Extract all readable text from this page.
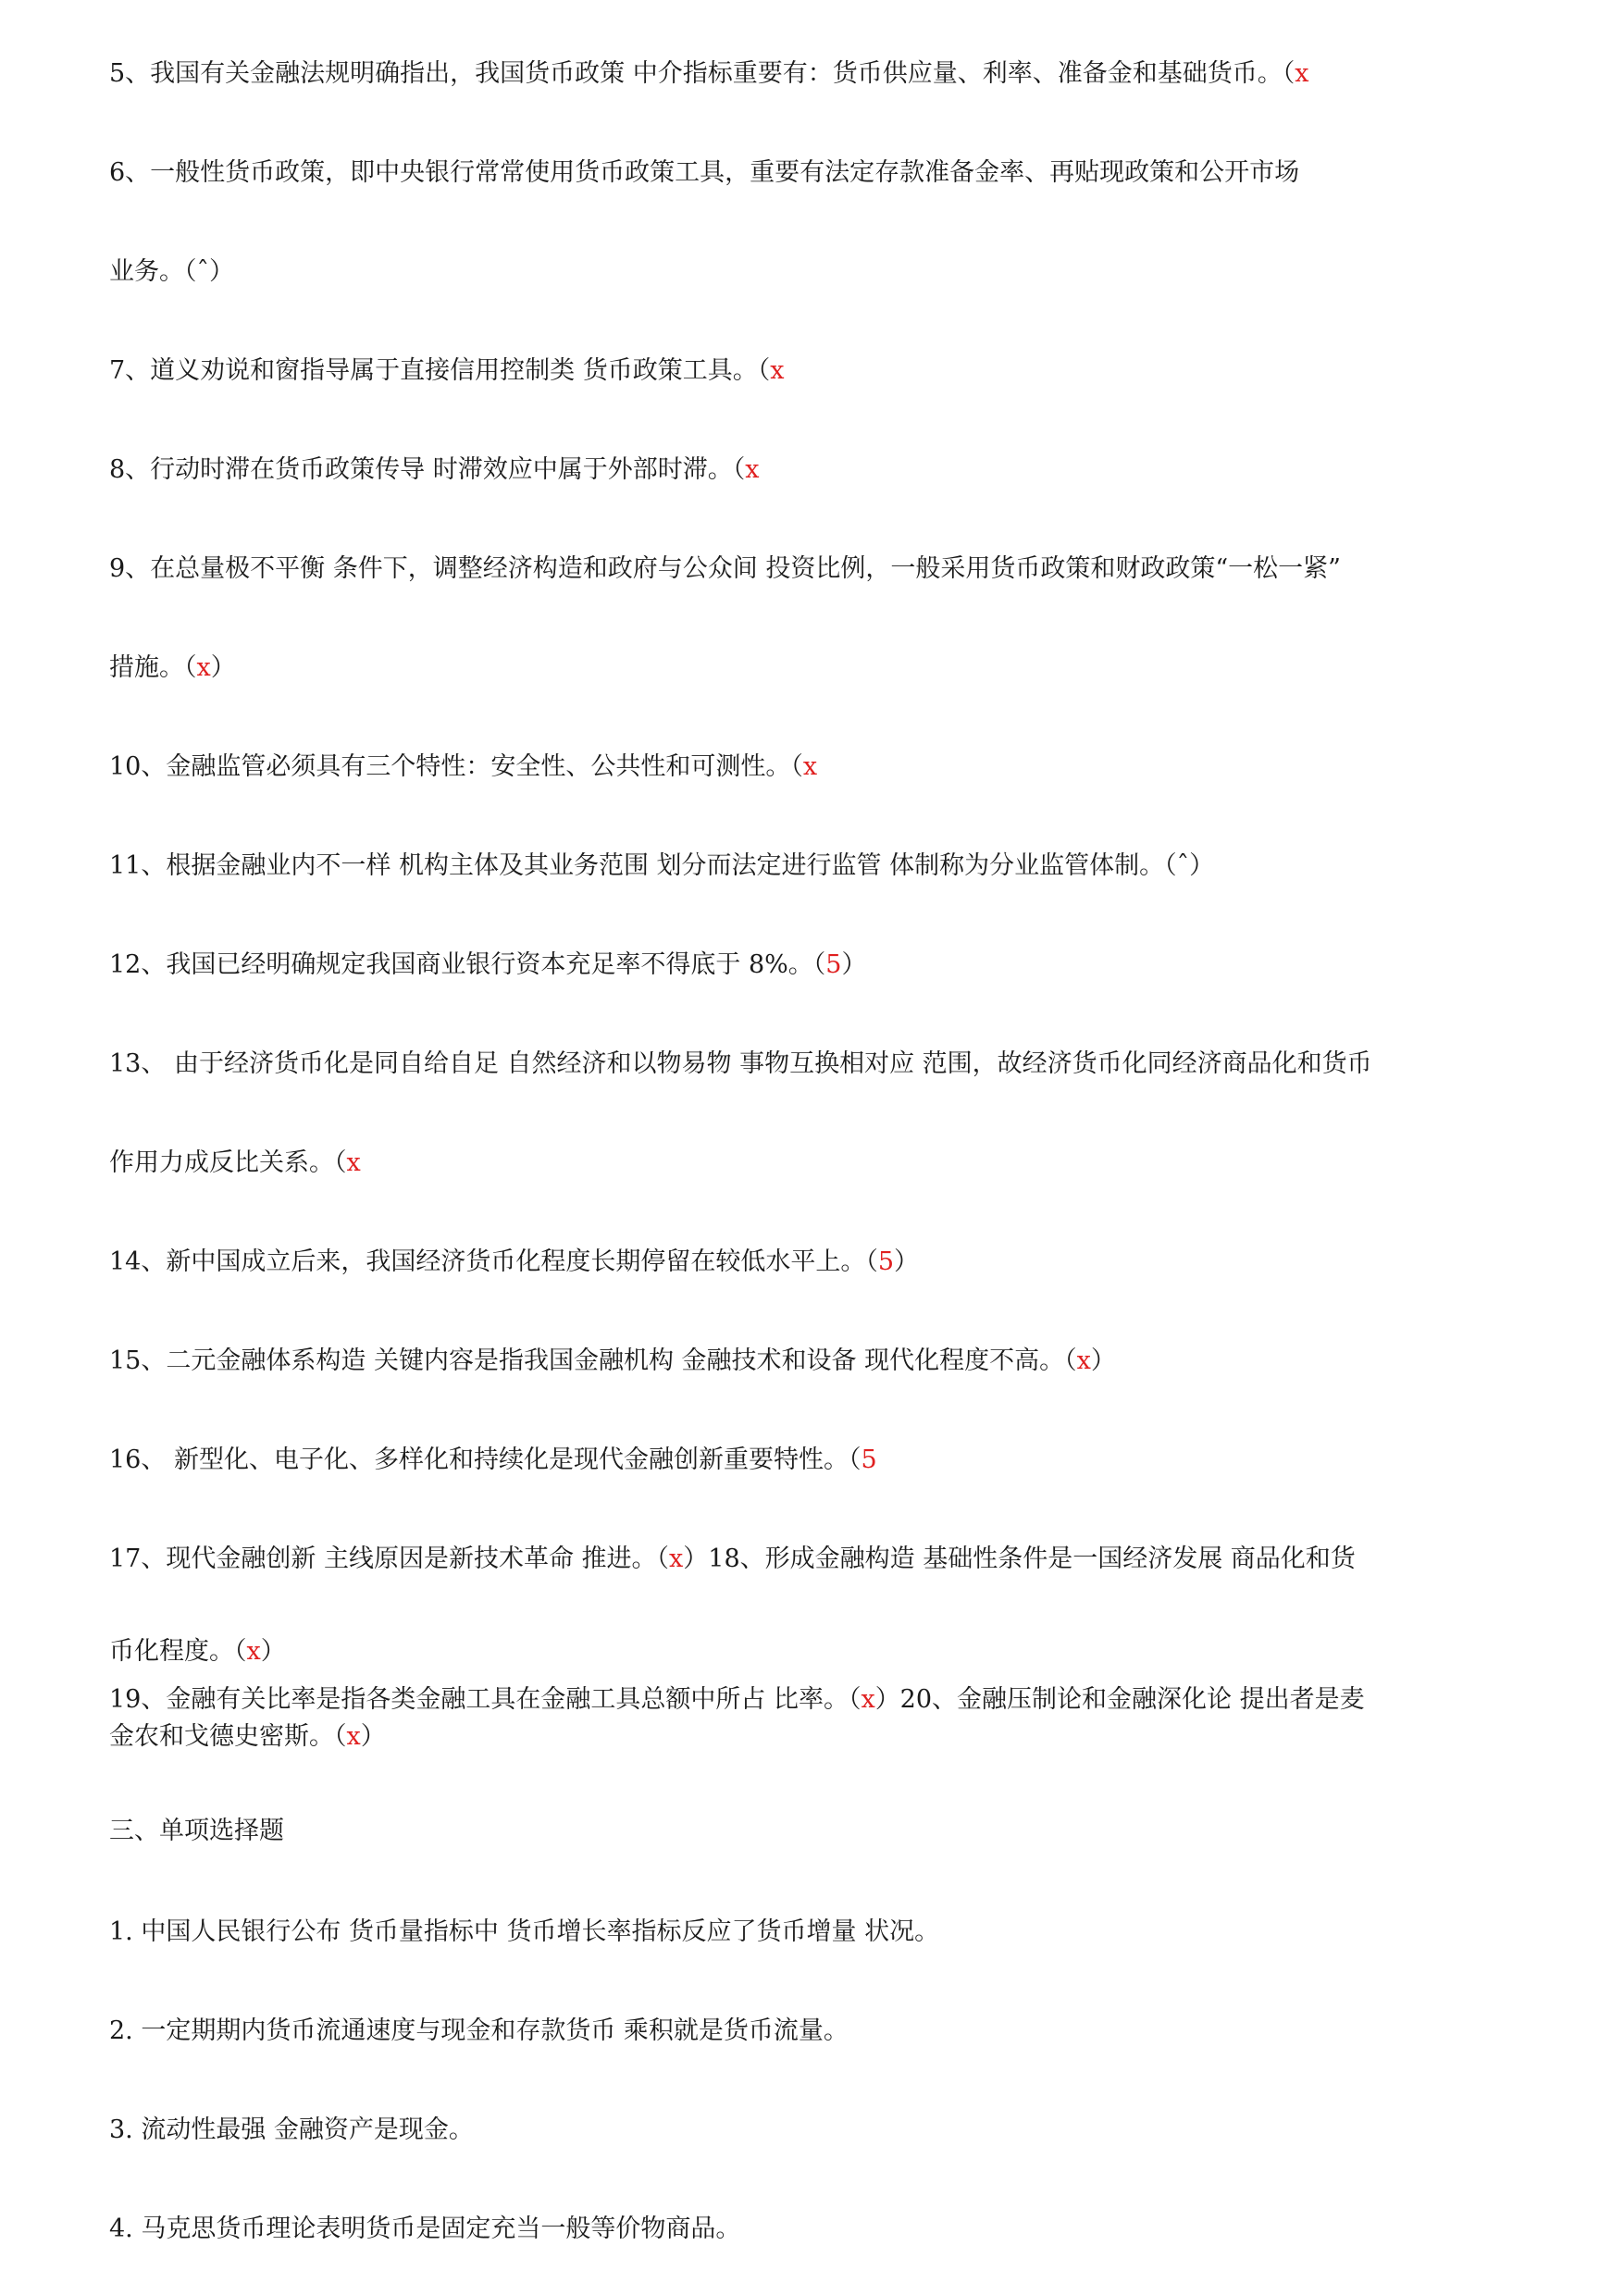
5、我国有关金融法规明确指出，我国货币政策 中介指标重要有：货币供应量、利率、准备金和基础货币。（x
6、一般性货币政策，即中央银行常常使用货币政策工具，重要有法定存款准备金率、再贴现政策和公开市场
业务。（ˆ）
7、道义劝说和窗指导属于直接信用控制类 货币政策工具。（x
8、行动时滞在货币政策传导 时滞效应中属于外部时滞。（x
9、在总量极不平衡 条件下，调整经济构造和政府与公众间 投资比例，一般采用货币政策和财政政策“一松一紧”
措施。（x）
10、金融监管必须具有三个特性：安全性、公共性和可测性。（x
11、根据金融业内不一样 机构主体及其业务范围 划分而法定进行监管 体制称为分业监管体制。（ˆ）
12、我国已经明确规定我国商业银行资本充足率不得底于 8%。（5）
13、 由于经济货币化是同自给自足 自然经济和以物易物 事物互换相对应 范围，故经济货币化同经济商品化和货币
作用力成反比关系。（x
14、新中国成立后来，我国经济货币化程度长期停留在较低水平上。（5）
15、二元金融体系构造 关键内容是指我国金融机构 金融技术和设备 现代化程度不高。（x）
16、 新型化、电子化、多样化和持续化是现代金融创新重要特性。（5
17、现代金融创新 主线原因是新技术革命 推进。（x）18、形成金融构造 基础性条件是一国经济发展 商品化和货
币化程度。（x）
19、金融有关比率是指各类金融工具在金融工具总额中所占 比率。（x）20、金融压制论和金融深化论 提出者是麦
金农和戈德史密斯。（x）
三、单项选择题
1. 中国人民银行公布 货币量指标中 货币增长率指标反应了货币增量 状况。
2. 一定期期内货币流通速度与现金和存款货币 乘积就是货币流量。
3. 流动性最强 金融资产是现金。
4. 马克思货币理论表明货币是固定充当一般等价物商品。
